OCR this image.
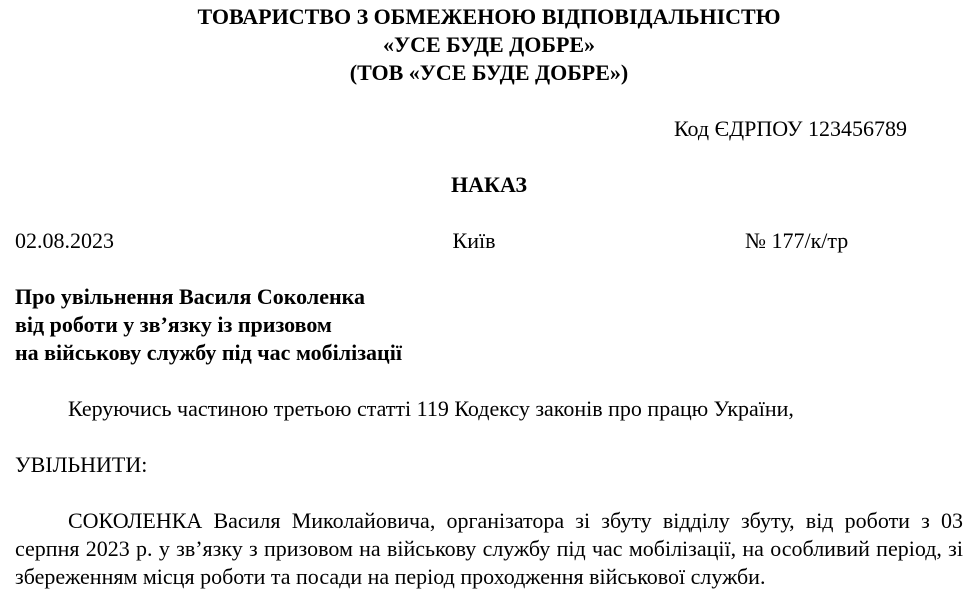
ТОВАРИСТВО З ОБМЕЖЕНОЮ ВІДПОВІДАЛЬНІСТЮ
«УСЕ БУДЕ ДОБРЕ»
(ТОВ «УСЕ БУДЕ ДОБРЕ»)
Код ЄДРПОУ 123456789
НАКАЗ
02.08.2023	Київ	№ 177/к/тр
Про увільнення Василя Соколенка
від роботи у зв’язку із призовом
на військову службу під час мобілізації

Керуючись частиною третьою статті 119 Кодексу законів про працю України,

УВІЛЬНИТИ:

СОКОЛЕНКА Василя Миколайовича, організатора зі збуту відділу збуту, від роботи з 03 серпня 2023 р. у зв’язку з призовом на військову службу під час мобілізації, на особливий період, зі збереженням місця роботи та посади на період проходження військової служби.
